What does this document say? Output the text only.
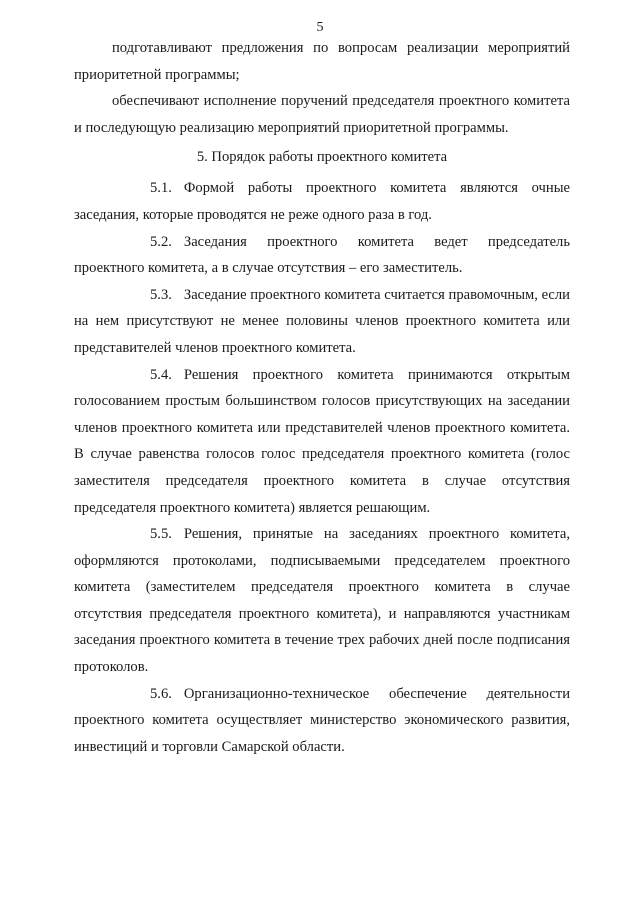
5

подготавливают предложения по вопросам реализации мероприятий приоритетной программы;

обеспечивают исполнение поручений председателя проектного комитета и последующую реализацию мероприятий приоритетной программы.

5. Порядок работы проектного комитета

5.1. Формой работы проектного комитета являются очные заседания, которые проводятся не реже одного раза в год.

5.2. Заседания проектного комитета ведет председатель проектного комитета, а в случае отсутствия – его заместитель.

5.3. Заседание проектного комитета считается правомочным, если на нем присутствуют не менее половины членов проектного комитета или представителей членов проектного комитета.

5.4. Решения проектного комитета принимаются открытым голосованием простым большинством голосов присутствующих на заседании членов проектного комитета или представителей членов проектного комитета. В случае равенства голосов голос председателя проектного комитета (голос заместителя председателя проектного комитета в случае отсутствия председателя проектного комитета) является решающим.

5.5. Решения, принятые на заседаниях проектного комитета, оформляются протоколами, подписываемыми председателем проектного комитета (заместителем председателя проектного комитета в случае отсутствия председателя проектного комитета), и направляются участникам заседания проектного комитета в течение трех рабочих дней после подписания протоколов.

5.6. Организационно-техническое обеспечение деятельности проектного комитета осуществляет министерство экономического развития, инвестиций и торговли Самарской области.
